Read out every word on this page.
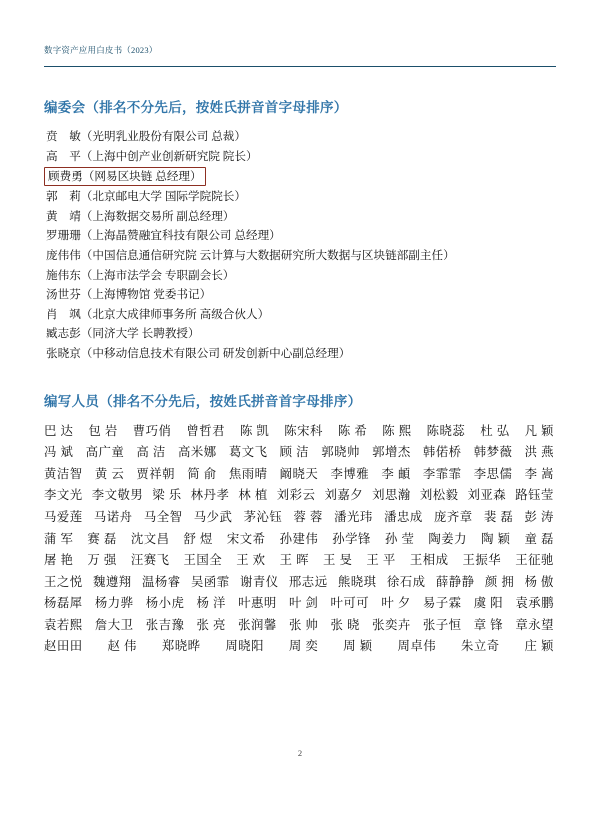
数字资产应用白皮书（2023）
编委会（排名不分先后，按姓氏拼音首字母排序）
贲　敏（光明乳业股份有限公司 总裁）
高　平（上海中创产业创新研究院 院长）
顾费勇（网易区块链 总经理）
郭　莉（北京邮电大学 国际学院院长）
黄　靖（上海数据交易所 副总经理）
罗珊珊（上海晶赞融宜科技有限公司 总经理）
庞伟伟（中国信息通信研究院 云计算与大数据研究所大数据与区块链部副主任）
施伟东（上海市法学会 专职副会长）
汤世芬（上海博物馆 党委书记）
肖　飒（北京大成律师事务所 高级合伙人）
臧志彭（同济大学 长聘教授）
张晓京（中移动信息技术有限公司 研发创新中心副总经理）
编写人员（排名不分先后，按姓氏拼音首字母排序）
巴 达 包 岩 曹巧俏 曾哲君 陈 凯 陈宋科 陈 希 陈 熙 陈晓蕊 杜 弘 凡 颖
冯 斌 高广童 高 洁 高米娜 葛文飞 顾 洁 郭晓帅 郭增杰 韩偌桥 韩梦薇 洪 燕
黄洁智 黄 云 贾祥朝 简 俞 焦雨晴 阚晓天 李博雅 李 頔 李霏霏 李思儒 李 嵩
李文光 李文敬男 梁 乐 林丹孝 林 植 刘彩云 刘嘉夕 刘思瀚 刘松毅 刘亚森 路钰莹
马爱莲 马诺舟 马全智 马少武 茅沁钰 蓉 蓉 潘光玮 潘忠成 庞齐章 裴 磊 彭 涛
蒲 军 赛 磊 沈文昌 舒 煜 宋文希 孙建伟 孙学锋 孙 莹 陶姜力 陶 颖 童 磊
屠 艳 万 强 汪赛飞 王国全 王 欢 王 晖 王 旻 王 平 王相成 王振华 王征驰
王之悦 魏遵翔 温杨睿 吴函霏 谢青仪 邢志远 熊晓琪 徐石成 薛静静 颜 拥 杨 傲
杨磊犀 杨力骅 杨小虎 杨 洋 叶惠明 叶 剑 叶可可 叶 夕 易子霖 虞 阳 袁承鹏
袁若熙 詹大卫 张吉豫 张 亮 张润馨 张 帅 张 晓 张奕卉 张子恒 章 锋 章永望
赵田田 赵 伟 郑晓晔 周晓阳 周 奕 周 颖 周卓伟 朱立奇 庄 颖
2
